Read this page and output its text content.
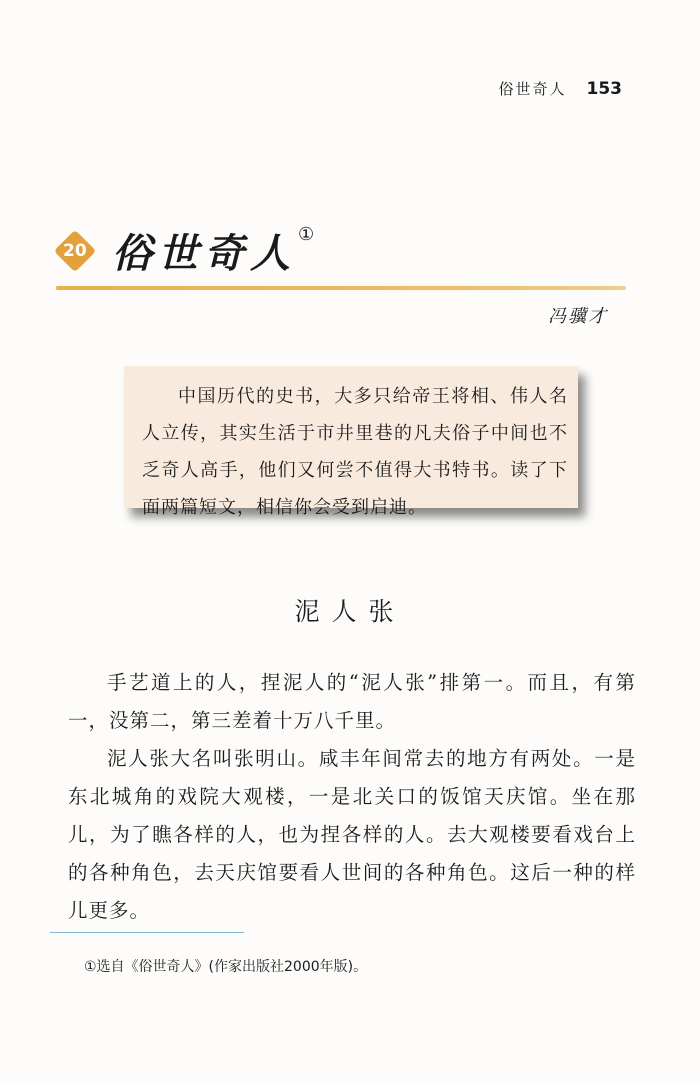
俗世奇人 153
20 俗世奇人 ①
冯骥才

中国历代的史书，大多只给帝王将相、伟人名人立传，其实生活于市井里巷的凡夫俗子中间也不乏奇人高手，他们又何尝不值得大书特书。读了下面两篇短文，相信你会受到启迪。

泥人张

手艺道上的人，捏泥人的“泥人张”排第一。而且，有第一，没第二，第三差着十万八千里。

泥人张大名叫张明山。咸丰年间常去的地方有两处。一是东北城角的戏院大观楼，一是北关口的饭馆天庆馆。坐在那儿，为了瞧各样的人，也为捏各样的人。去大观楼要看戏台上的各种角色，去天庆馆要看人世间的各种角色。这后一种的样儿更多。

①选自《俗世奇人》(作家出版社2000年版)。
